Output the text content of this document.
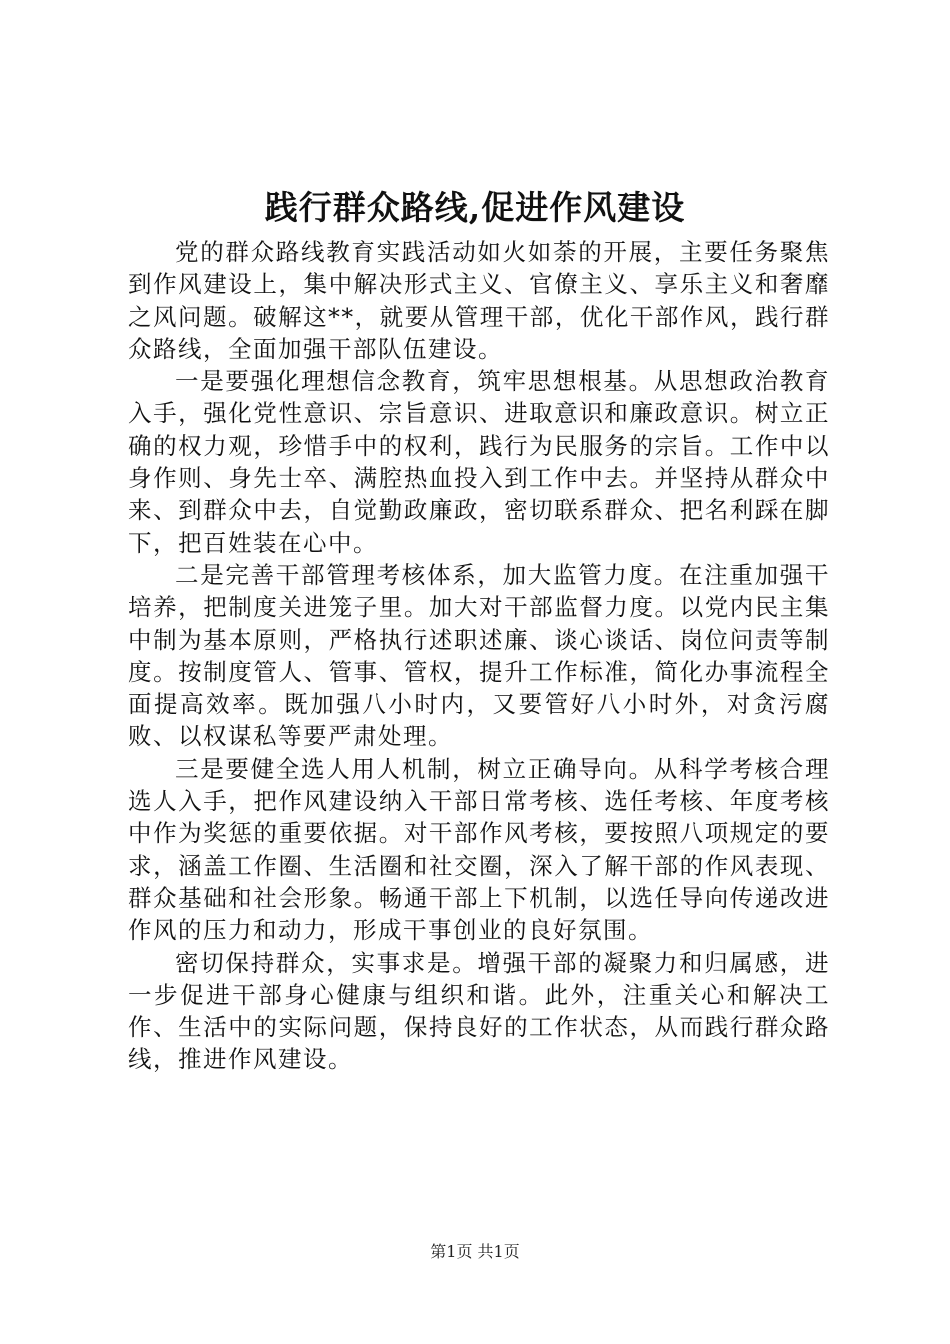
践行群众路线,促进作风建设

党的群众路线教育实践活动如火如荼的开展，主要任务聚焦到作风建设上，集中解决形式主义、官僚主义、享乐主义和奢靡之风问题。破解这**，就要从管理干部，优化干部作风，践行群众路线，全面加强干部队伍建设。

一是要强化理想信念教育，筑牢思想根基。从思想政治教育入手，强化党性意识、宗旨意识、进取意识和廉政意识。树立正确的权力观，珍惜手中的权利，践行为民服务的宗旨。工作中以身作则、身先士卒、满腔热血投入到工作中去。并坚持从群众中来、到群众中去，自觉勤政廉政，密切联系群众、把名利踩在脚下，把百姓装在心中。

二是完善干部管理考核体系，加大监管力度。在注重加强干培养，把制度关进笼子里。加大对干部监督力度。以党内民主集中制为基本原则，严格执行述职述廉、谈心谈话、岗位问责等制度。按制度管人、管事、管权，提升工作标准，简化办事流程全面提高效率。既加强八小时内，又要管好八小时外，对贪污腐败、以权谋私等要严肃处理。

三是要健全选人用人机制，树立正确导向。从科学考核合理选人入手，把作风建设纳入干部日常考核、选任考核、年度考核中作为奖惩的重要依据。对干部作风考核，要按照八项规定的要求，涵盖工作圈、生活圈和社交圈，深入了解干部的作风表现、群众基础和社会形象。畅通干部上下机制，以选任导向传递改进作风的压力和动力，形成干事创业的良好氛围。

密切保持群众，实事求是。增强干部的凝聚力和归属感，进一步促进干部身心健康与组织和谐。此外，注重关心和解决工作、生活中的实际问题，保持良好的工作状态，从而践行群众路线，推进作风建设。

第1页 共1页
